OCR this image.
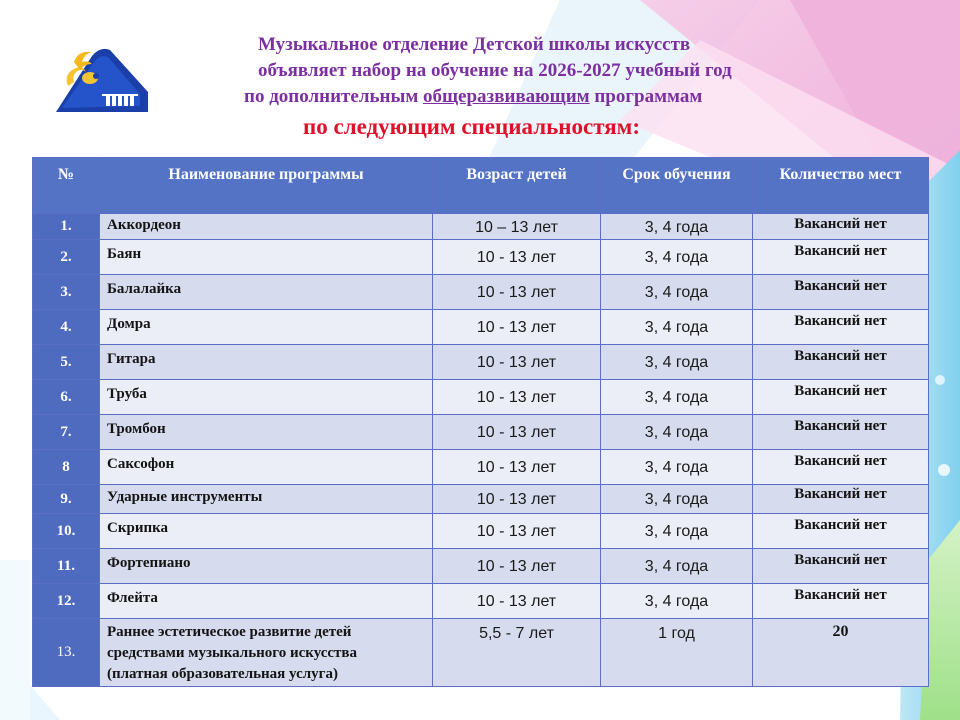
Музыкальное отделение Детской школы искусств
объявляет набор на обучение на 2026-2027 учебный год
по дополнительным общеразвивающим программам
по следующим специальностям:
№	Наименование программы	Возраст детей	Срок обучения	Количество мест
1.	Аккордеон	10 – 13 лет	3, 4 года	Вакансий нет
2.	Баян	10 - 13 лет	3, 4 года	Вакансий нет
3.	Балалайка	10 - 13 лет	3, 4 года	Вакансий нет
4.	Домра	10 - 13 лет	3, 4 года	Вакансий нет
5.	Гитара	10 - 13 лет	3, 4 года	Вакансий нет
6.	Труба	10 - 13 лет	3, 4 года	Вакансий нет
7.	Тромбон	10 - 13 лет	3, 4 года	Вакансий нет
8	Саксофон	10 - 13 лет	3, 4 года	Вакансий нет
9.	Ударные инструменты	10 - 13 лет	3, 4 года	Вакансий нет
10.	Скрипка	10 - 13 лет	3, 4 года	Вакансий нет
11.	Фортепиано	10 - 13 лет	3, 4 года	Вакансий нет
12.	Флейта	10 - 13 лет	3, 4 года	Вакансий нет
13.	Раннее эстетическое развитие детей
средствами музыкального искусства
(платная образовательная услуга)	5,5 - 7 лет	1 год	20
